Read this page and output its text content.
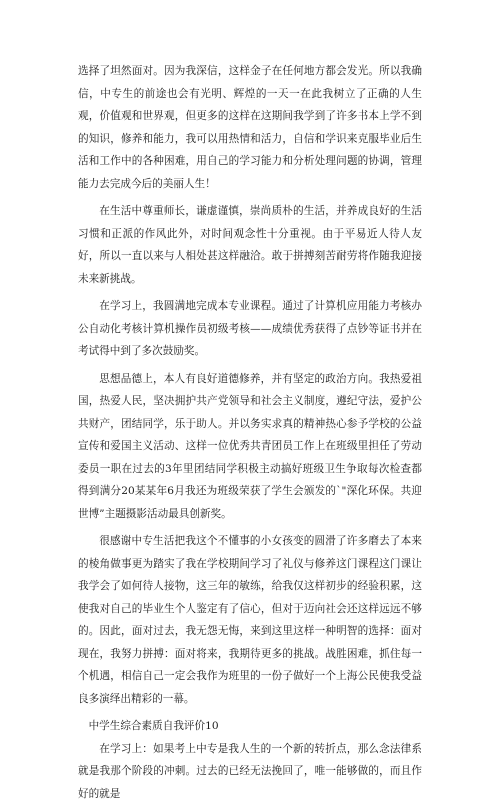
选择了坦然面对。因为我深信，这样金子在任何地方都会发光。所以我确信，中专生的前途也会有光明、辉煌的一天一在此我树立了正确的人生观，价值观和世界观，但更多的这样在这期间我学到了许多书本上学不到的知识，修养和能力，我可以用热情和活力，自信和学识来克服毕业后生活和工作中的各种困难，用自己的学习能力和分析处理问题的协调，管理能力去完成今后的美丽人生！

在生活中尊重师长，谦虚谨慎，崇尚质朴的生活，并养成良好的生活习惯和正派的作风此外，对时间观念性十分重视。由于平易近人待人友好，所以一直以来与人相处甚这样融洽。敢于拼搏刻苦耐劳将作随我迎接未来新挑战。

在学习上，我圆满地完成本专业课程。通过了计算机应用能力考核办公自动化考核计算机操作员初级考核——成绩优秀获得了点钞等证书并在考试得中到了多次鼓励奖。

思想品德上，本人有良好道德修养，并有坚定的政治方向。我热爱祖国，热爱人民，坚决拥护共产党领导和社会主义制度，遵纪守法，爱护公共财产，团结同学，乐于助人。并以务实求真的精神热心参予学校的公益宣传和爱国主义活动、这样一位优秀共青团员工作上在班级里担任了劳动委员一职在过去的3年里团结同学积极主动搞好班级卫生争取每次检查都得到满分20某某年6月我还为班级荣获了学生会颁发的`"深化环保。共迎世博”主题摄影活动最具创新奖。

很感谢中专生活把我这个不懂事的小女孩变的圆滑了许多磨去了本来的棱角做事更为踏实了我在学校期间学习了礼仪与修养这门课程这门课让我学会了如何待人接物，这三年的敏练，给我仅这样初步的经验积累，这使我对自己的毕业生个人鉴定有了信心，但对于迈向社会还这样远远不够的。因此，面对过去，我无怨无悔，来到这里这样一种明智的选择：面对现在，我努力拼搏：面对将来，我期待更多的挑战。战胜困难，抓住每一个机遇，相信自己一定会我作为班里的一份子做好一个上海公民使我受益良多演绎出精彩的一幕。

中学生综合素质自我评价10

在学习上：如果考上中专是我人生的一个新的转折点，那么念法律系就是我那个阶段的冲刺。过去的已经无法挽回了，唯一能够做的，而且作好的就是
